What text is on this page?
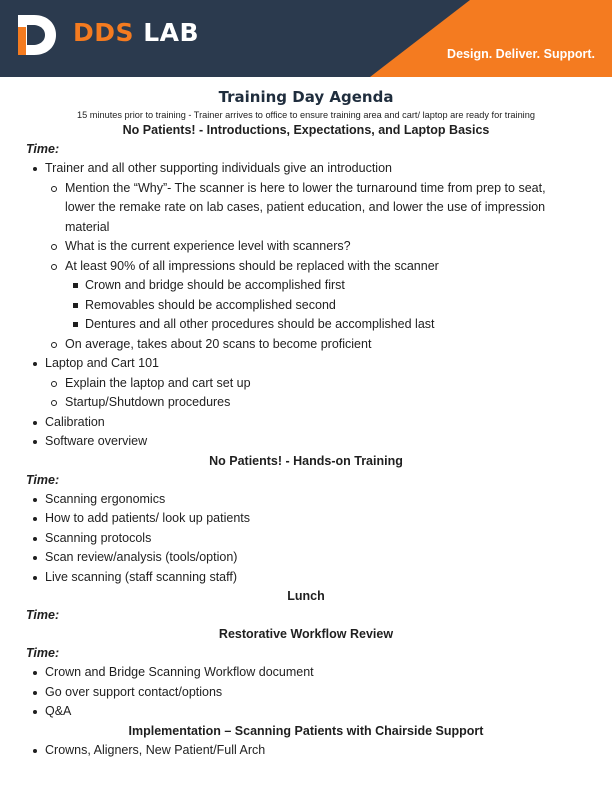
DDS LAB
Design. Deliver. Support.
Training Day Agenda

15 minutes prior to training - Trainer arrives to office to ensure training area and cart/ laptop are ready for training

No Patients! - Introductions, Expectations, and Laptop Basics

Time:

Trainer and all other supporting individuals give an introduction
Mention the “Why”- The scanner is here to lower the turnaround time from prep to seat, lower the remake rate on lab cases, patient education, and lower the use of impression material
What is the current experience level with scanners?
At least 90% of all impressions should be replaced with the scanner
Crown and bridge should be accomplished first
Removables should be accomplished second
Dentures and all other procedures should be accomplished last
On average, takes about 20 scans to become proficient
Laptop and Cart 101
Explain the laptop and cart set up
Startup/Shutdown procedures
Calibration
Software overview
No Patients! - Hands-on Training

Time:

Scanning ergonomics
How to add patients/ look up patients
Scanning protocols
Scan review/analysis (tools/option)
Live scanning (staff scanning staff)
Lunch

Time:

Restorative Workflow Review

Time:

Crown and Bridge Scanning Workflow document
Go over support contact/options
Q&A
Implementation – Scanning Patients with Chairside Support
Crowns, Aligners, New Patient/Full Arch
